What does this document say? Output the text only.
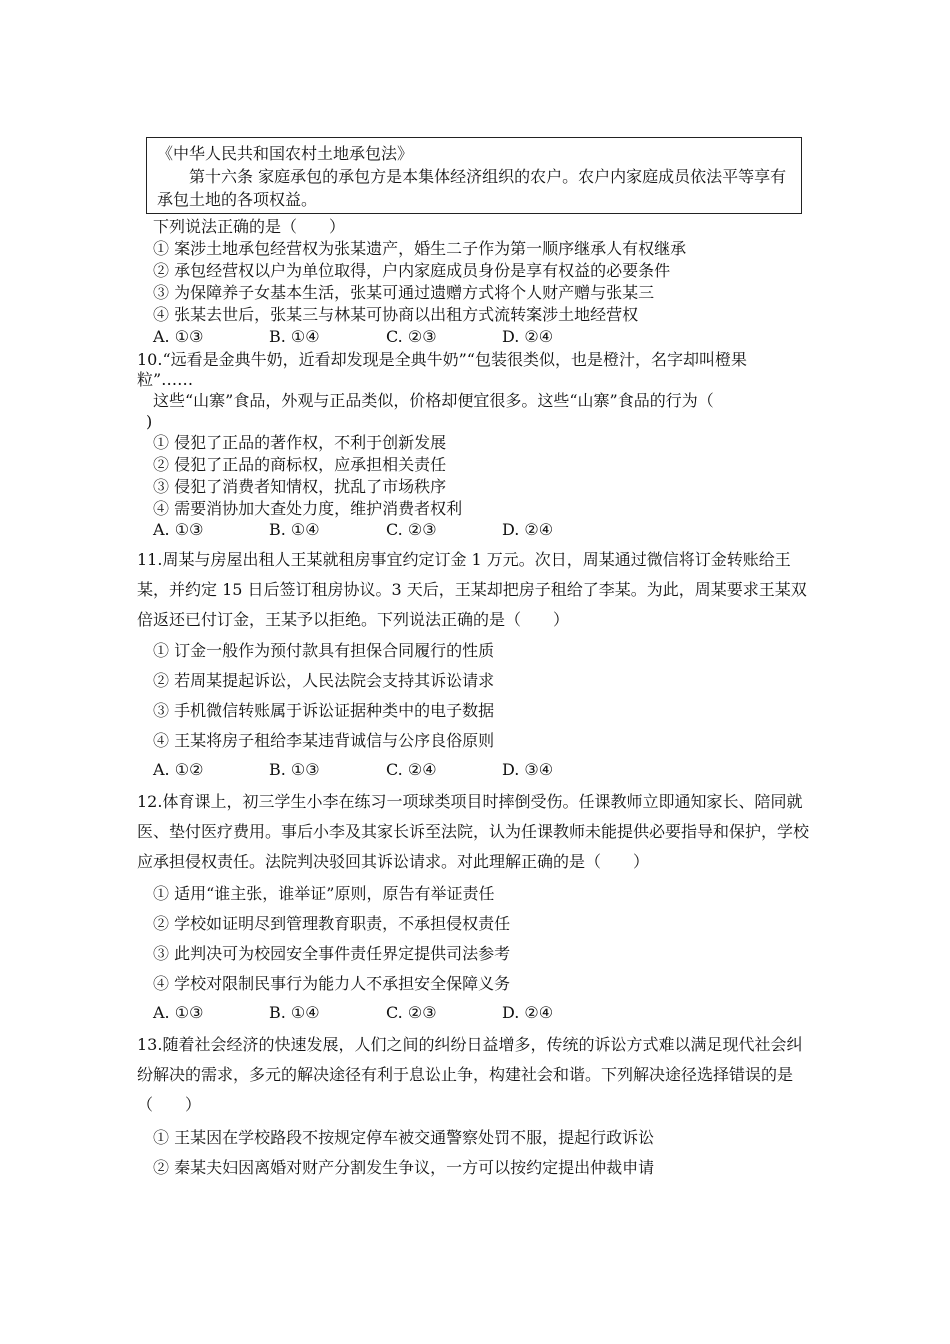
《中华人民共和国农村土地承包法》
第十六条 家庭承包的承包方是本集体经济组织的农户。农户内家庭成员依法平等享有承包土地的各项权益。
下列说法正确的是（　　）
① 案涉土地承包经营权为张某遗产，婚生二子作为第一顺序继承人有权继承
② 承包经营权以户为单位取得，户内家庭成员身份是享有权益的必要条件
③ 为保障养子女基本生活，张某可通过遗赠方式将个人财产赠与张某三
④ 张某去世后，张某三与林某可协商以出租方式流转案涉土地经营权
A. ①③	B. ①④	C. ②③	D. ②④
10.“远看是金典牛奶，近看却发现是全典牛奶”“包装很类似，也是橙汁，名字却叫橙果
粒”……
这些“山寨”食品，外观与正品类似，价格却便宜很多。这些“山寨”食品的行为（
)
① 侵犯了正品的著作权，不利于创新发展
② 侵犯了正品的商标权，应承担相关责任
③ 侵犯了消费者知情权，扰乱了市场秩序
④ 需要消协加大查处力度，维护消费者权利
A. ①③	B. ①④	C. ②③	D. ②④
11.周某与房屋出租人王某就租房事宜约定订金 1 万元。次日，周某通过微信将订金转账给王某，并约定 15 日后签订租房协议。3 天后，王某却把房子租给了李某。为此，周某要求王某双倍返还已付订金，王某予以拒绝。下列说法正确的是（　　）
① 订金一般作为预付款具有担保合同履行的性质
② 若周某提起诉讼，人民法院会支持其诉讼请求
③ 手机微信转账属于诉讼证据种类中的电子数据
④ 王某将房子租给李某违背诚信与公序良俗原则
A. ①②	B. ①③	C. ②④	D. ③④
12.体育课上，初三学生小李在练习一项球类项目时摔倒受伤。任课教师立即通知家长、陪同就医、垫付医疗费用。事后小李及其家长诉至法院，认为任课教师未能提供必要指导和保护，学校应承担侵权责任。法院判决驳回其诉讼请求。对此理解正确的是（　　）
① 适用“谁主张，谁举证”原则，原告有举证责任
② 学校如证明尽到管理教育职责，不承担侵权责任
③ 此判决可为校园安全事件责任界定提供司法参考
④ 学校对限制民事行为能力人不承担安全保障义务
A. ①③	B. ①④	C. ②③	D. ②④
13.随着社会经济的快速发展，人们之间的纠纷日益增多，传统的诉讼方式难以满足现代社会纠纷解决的需求，多元的解决途径有利于息讼止争，构建社会和谐。下列解决途径选择错误的是（　　）
① 王某因在学校路段不按规定停车被交通警察处罚不服，提起行政诉讼
② 秦某夫妇因离婚对财产分割发生争议，一方可以按约定提出仲裁申请
